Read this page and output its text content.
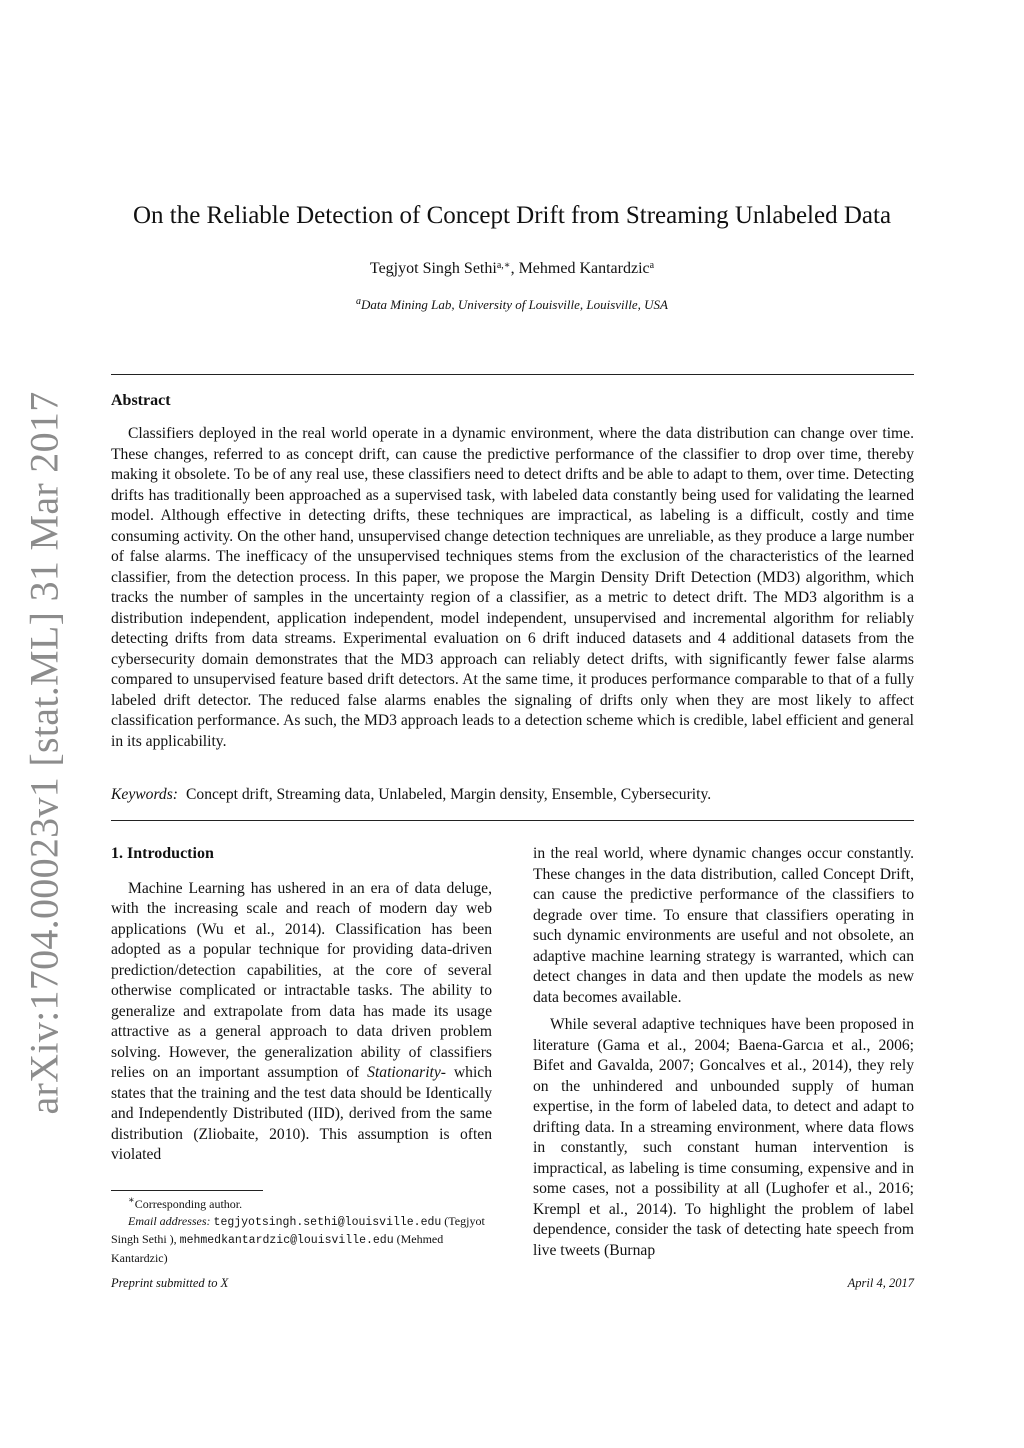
arXiv:1704.00023v1 [stat.ML] 31 Mar 2017
On the Reliable Detection of Concept Drift from Streaming Unlabeled Data
Tegjyot Singh Sethi$^{a,∗}$, Mehmed Kantardzic$^a$
$^a$Data Mining Lab, University of Louisville, Louisville, USA
Abstract

Classifiers deployed in the real world operate in a dynamic environment, where the data distribution can change over time. These changes, referred to as concept drift, can cause the predictive performance of the classifier to drop over time, thereby making it obsolete. To be of any real use, these classifiers need to detect drifts and be able to adapt to them, over time. Detecting drifts has traditionally been approached as a supervised task, with labeled data constantly being used for validating the learned model. Although effective in detecting drifts, these techniques are impractical, as labeling is a difficult, costly and time consuming activity. On the other hand, unsupervised change detection techniques are unreliable, as they produce a large number of false alarms. The inefficacy of the unsupervised techniques stems from the exclusion of the characteristics of the learned classifier, from the detection process. In this paper, we propose the Margin Density Drift Detection (MD3) algorithm, which tracks the number of samples in the uncertainty region of a classifier, as a metric to detect drift. The MD3 algorithm is a distribution independent, application independent, model independent, unsupervised and incremental algorithm for reliably detecting drifts from data streams. Experimental evaluation on 6 drift induced datasets and 4 additional datasets from the cybersecurity domain demonstrates that the MD3 approach can reliably detect drifts, with significantly fewer false alarms compared to unsupervised feature based drift detectors. At the same time, it produces performance comparable to that of a fully labeled drift detector. The reduced false alarms enables the signaling of drifts only when they are most likely to affect classification performance. As such, the MD3 approach leads to a detection scheme which is credible, label efficient and general in its applicability.

Keywords: Concept drift, Streaming data, Unlabeled, Margin density, Ensemble, Cybersecurity.
1. Introduction

Machine Learning has ushered in an era of data deluge, with the increasing scale and reach of modern day web applications (Wu et al., 2014). Classification has been adopted as a popular technique for providing data-driven prediction/detection capabilities, at the core of several otherwise complicated or intractable tasks. The ability to generalize and extrapolate from data has made its usage attractive as a general approach to data driven problem solving. However, the generalization ability of classifiers relies on an important assumption of Stationarity- which states that the training and the test data should be Identically and Independently Distributed (IID), derived from the same distribution (Zliobaite, 2010). This assumption is often violated

in the real world, where dynamic changes occur constantly. These changes in the data distribution, called Concept Drift, can cause the predictive performance of the classifiers to degrade over time. To ensure that classifiers operating in such dynamic environments are useful and not obsolete, an adaptive machine learning strategy is warranted, which can detect changes in data and then update the models as new data becomes available.

While several adaptive techniques have been proposed in literature (Gama et al., 2004; Baena-Garcıa et al., 2006; Bifet and Gavalda, 2007; Goncalves et al., 2014), they rely on the unhindered and unbounded supply of human expertise, in the form of labeled data, to detect and adapt to drifting data. In a streaming environment, where data flows in constantly, such constant human intervention is impractical, as labeling is time consuming, expensive and in some cases, not a possibility at all (Lughofer et al., 2016; Krempl et al., 2014). To highlight the problem of label dependence, consider the task of detecting hate speech from live tweets (Burnap

∗Corresponding author.
Email addresses: tegjyotsingh.sethi@louisville.edu (Tegjyot Singh Sethi ), mehmedkantardzic@louisville.edu (Mehmed Kantardzic)
Preprint submitted to X	April 4, 2017
